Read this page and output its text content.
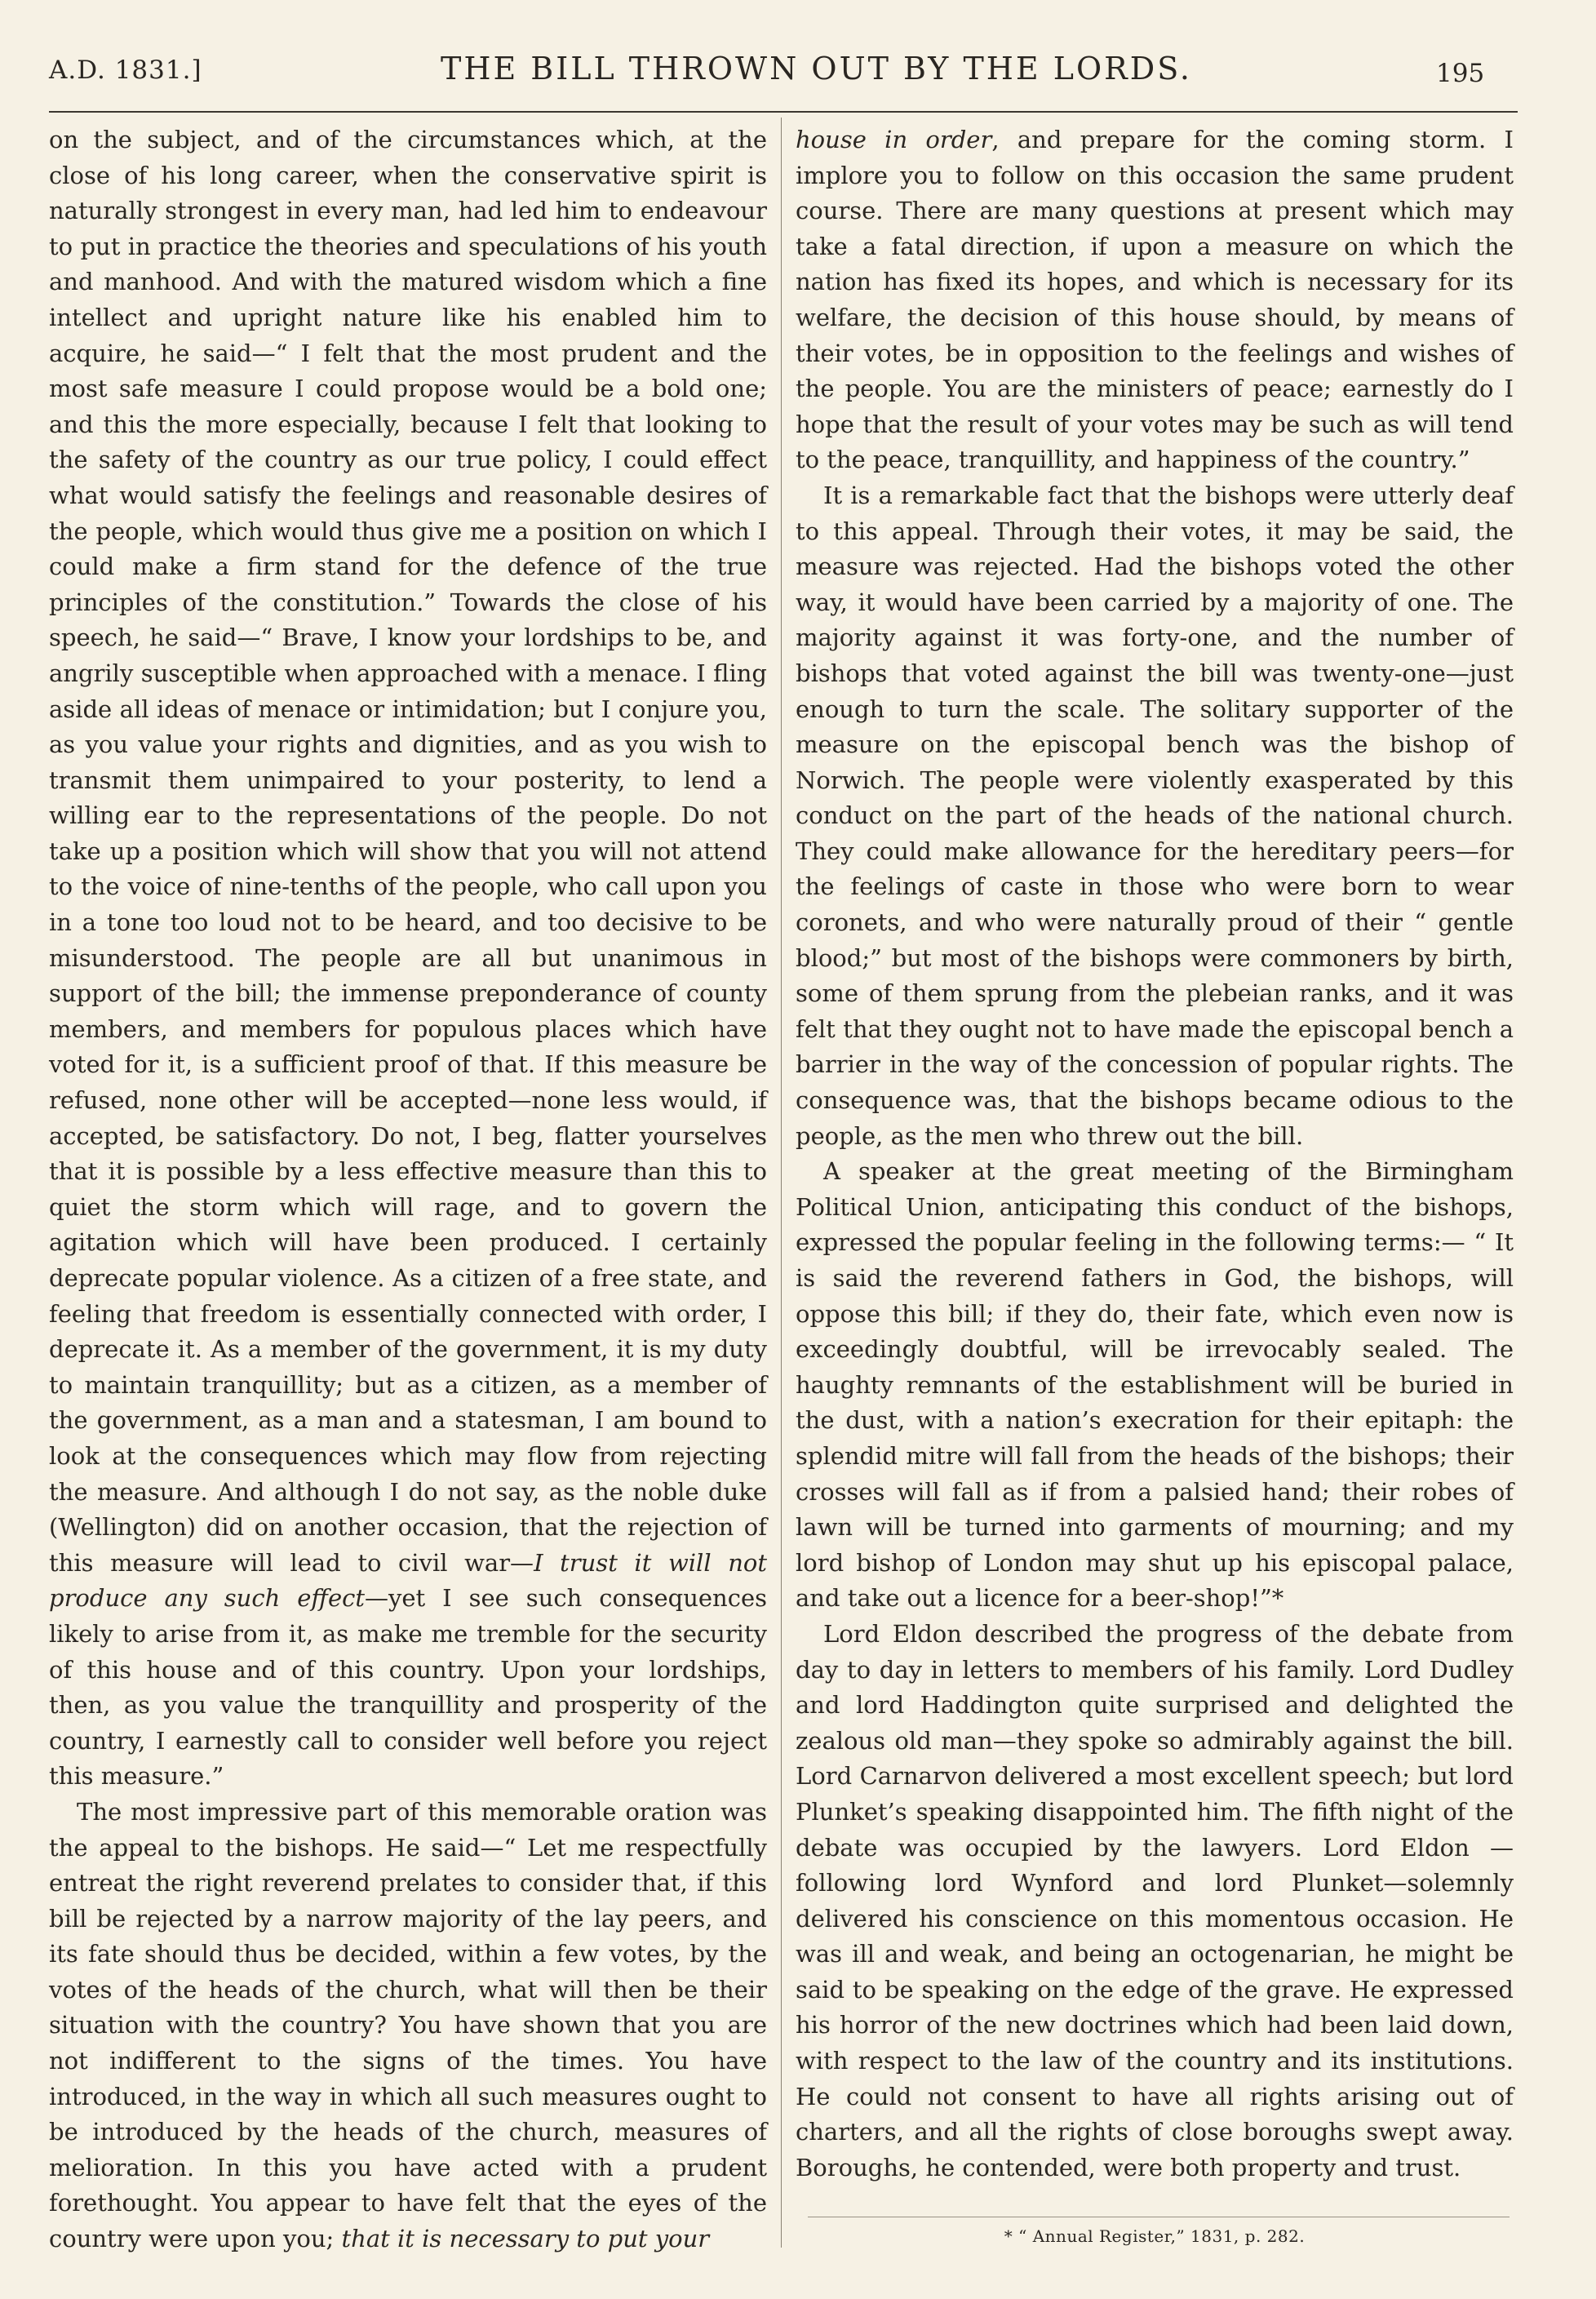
A.D. 1831.]	THE BILL THROWN OUT BY THE LORDS.	195

on the subject, and of the circumstances which, at the close of his long career, when the conservative spirit is naturally strongest in every man, had led him to endeavour to put in practice the theories and speculations of his youth and manhood. And with the matured wisdom which a fine intellect and upright nature like his enabled him to acquire, he said—“ I felt that the most prudent and the most safe measure I could propose would be a bold one; and this the more especially, because I felt that looking to the safety of the country as our true policy, I could effect what would satisfy the feelings and reasonable desires of the people, which would thus give me a position on which I could make a firm stand for the defence of the true principles of the constitution.” Towards the close of his speech, he said—“ Brave, I know your lordships to be, and angrily susceptible when approached with a menace. I fling aside all ideas of menace or intimidation; but I conjure you, as you value your rights and dignities, and as you wish to transmit them unimpaired to your posterity, to lend a willing ear to the representations of the people. Do not take up a position which will show that you will not attend to the voice of nine-tenths of the people, who call upon you in a tone too loud not to be heard, and too decisive to be misunderstood. The people are all but unanimous in support of the bill; the immense preponderance of county members, and members for populous places which have voted for it, is a sufficient proof of that. If this measure be refused, none other will be accepted—none less would, if accepted, be satisfactory. Do not, I beg, flatter yourselves that it is possible by a less effective measure than this to quiet the storm which will rage, and to govern the agitation which will have been produced. I certainly deprecate popular violence. As a citizen of a free state, and feeling that freedom is essentially connected with order, I deprecate it. As a member of the government, it is my duty to maintain tranquillity; but as a citizen, as a member of the government, as a man and a statesman, I am bound to look at the consequences which may flow from rejecting the measure. And although I do not say, as the noble duke (Wellington) did on another occasion, that the rejection of this measure will lead to civil war—I trust it will not produce any such effect—yet I see such consequences likely to arise from it, as make me tremble for the security of this house and of this country. Upon your lordships, then, as you value the tranquillity and prosperity of the country, I earnestly call to consider well before you reject this measure.”

The most impressive part of this memorable oration was the appeal to the bishops. He said—“ Let me respectfully entreat the right reverend prelates to consider that, if this bill be rejected by a narrow majority of the lay peers, and its fate should thus be decided, within a few votes, by the votes of the heads of the church, what will then be their situation with the country? You have shown that you are not indifferent to the signs of the times. You have introduced, in the way in which all such measures ought to be introduced by the heads of the church, measures of melioration. In this you have acted with a prudent forethought. You appear to have felt that the eyes of the country were upon you; that it is necessary to put your

house in order, and prepare for the coming storm. I implore you to follow on this occasion the same prudent course. There are many questions at present which may take a fatal direction, if upon a measure on which the nation has fixed its hopes, and which is necessary for its welfare, the decision of this house should, by means of their votes, be in opposition to the feelings and wishes of the people. You are the ministers of peace; earnestly do I hope that the result of your votes may be such as will tend to the peace, tranquillity, and happiness of the country.”

It is a remarkable fact that the bishops were utterly deaf to this appeal. Through their votes, it may be said, the measure was rejected. Had the bishops voted the other way, it would have been carried by a majority of one. The majority against it was forty-one, and the number of bishops that voted against the bill was twenty-one—just enough to turn the scale. The solitary supporter of the measure on the episcopal bench was the bishop of Norwich. The people were violently exasperated by this conduct on the part of the heads of the national church. They could make allowance for the hereditary peers—for the feelings of caste in those who were born to wear coronets, and who were naturally proud of their “ gentle blood;” but most of the bishops were commoners by birth, some of them sprung from the plebeian ranks, and it was felt that they ought not to have made the episcopal bench a barrier in the way of the concession of popular rights. The consequence was, that the bishops became odious to the people, as the men who threw out the bill.

A speaker at the great meeting of the Birmingham Political Union, anticipating this conduct of the bishops, expressed the popular feeling in the following terms:— “ It is said the reverend fathers in God, the bishops, will oppose this bill; if they do, their fate, which even now is exceedingly doubtful, will be irrevocably sealed. The haughty remnants of the establishment will be buried in the dust, with a nation’s execration for their epitaph: the splendid mitre will fall from the heads of the bishops; their crosses will fall as if from a palsied hand; their robes of lawn will be turned into garments of mourning; and my lord bishop of London may shut up his episcopal palace, and take out a licence for a beer-shop!”*

Lord Eldon described the progress of the debate from day to day in letters to members of his family. Lord Dudley and lord Haddington quite surprised and delighted the zealous old man—they spoke so admirably against the bill. Lord Carnarvon delivered a most excellent speech; but lord Plunket’s speaking disappointed him. The fifth night of the debate was occupied by the lawyers. Lord Eldon —following lord Wynford and lord Plunket—solemnly delivered his conscience on this momentous occasion. He was ill and weak, and being an octogenarian, he might be said to be speaking on the edge of the grave. He expressed his horror of the new doctrines which had been laid down, with respect to the law of the country and its institutions. He could not consent to have all rights arising out of charters, and all the rights of close boroughs swept away. Boroughs, he contended, were both property and trust.

* “ Annual Register,” 1831, p. 282.
